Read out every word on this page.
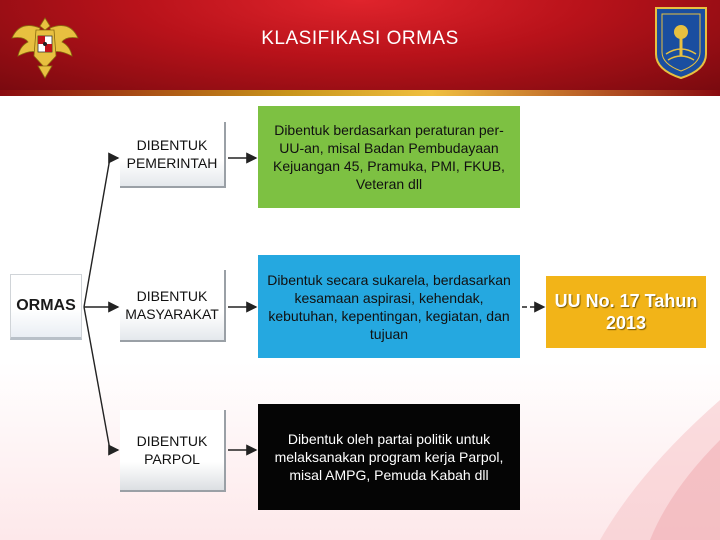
KLASIFIKASI ORMAS
ORMAS
DIBENTUK PEMERINTAH
DIBENTUK MASYARAKAT
DIBENTUK PARPOL
Dibentuk berdasarkan peraturan per-UU-an, misal Badan Pembudayaan Kejuangan 45, Pramuka, PMI, FKUB, Veteran dll
Dibentuk secara sukarela, berdasarkan kesamaan aspirasi, kehendak, kebutuhan, kepentingan, kegiatan, dan tujuan
Dibentuk oleh partai politik untuk melaksanakan program kerja Parpol, misal AMPG, Pemuda Kabah dll
UU No. 17 Tahun 2013
